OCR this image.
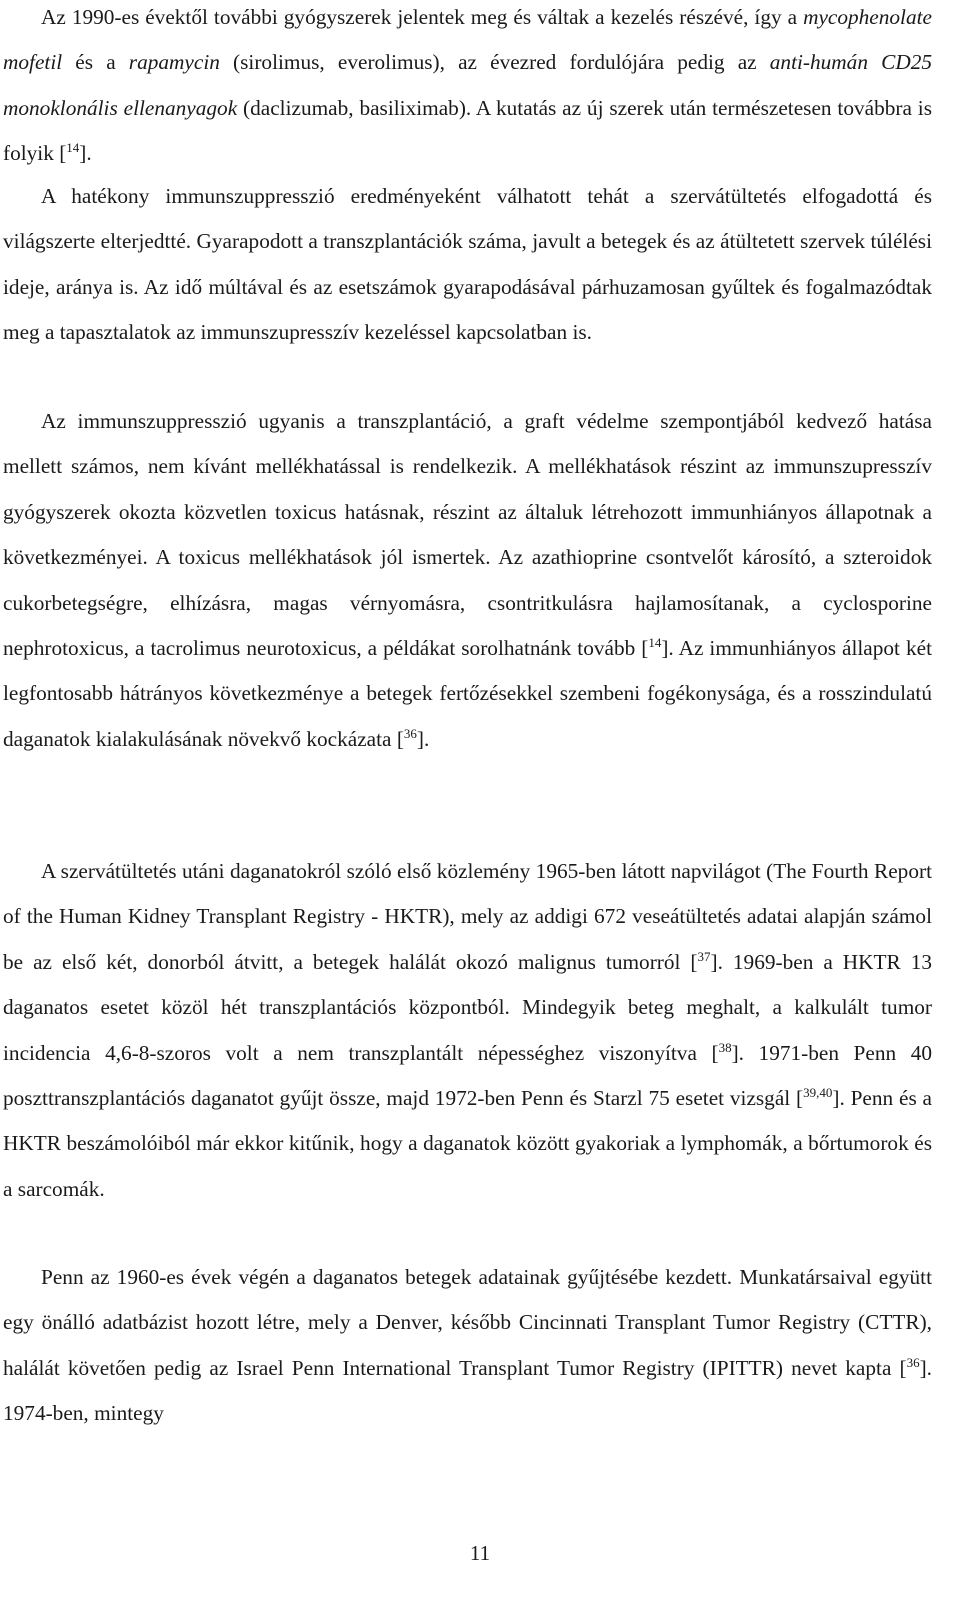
Az 1990-es évektől további gyógyszerek jelentek meg és váltak a kezelés részévé, így a mycophenolate mofetil és a rapamycin (sirolimus, everolimus), az évezred fordulójára pedig az anti-humán CD25 monoklonális ellenanyagok (daclizumab, basiliximab). A kutatás az új szerek után természetesen továbbra is folyik [$^{14}$].

A hatékony immunszuppresszió eredményeként válhatott tehát a szervátültetés elfogadottá és világszerte elterjedtté. Gyarapodott a transzplantációk száma, javult a betegek és az átültetett szervek túlélési ideje, aránya is. Az idő múltával és az esetszámok gyarapodásával párhuzamosan gyűltek és fogalmazódtak meg a tapasztalatok az immunszupresszív kezeléssel kapcsolatban is.

Az immunszuppresszió ugyanis a transzplantáció, a graft védelme szempontjából kedvező hatása mellett számos, nem kívánt mellékhatással is rendelkezik. A mellékhatások részint az immunszupresszív gyógyszerek okozta közvetlen toxicus hatásnak, részint az általuk létrehozott immunhiányos állapotnak a következményei. A toxicus mellékhatások jól ismertek. Az azathioprine csontvelőt károsító, a szteroidok cukorbetegségre, elhízásra, magas vérnyomásra, csontritkulásra hajlamosítanak, a cyclosporine nephrotoxicus, a tacrolimus neurotoxicus, a példákat sorolhatnánk tovább [$^{14}$]. Az immunhiányos állapot két legfontosabb hátrányos következménye a betegek fertőzésekkel szembeni fogékonysága, és a rosszindulatú daganatok kialakulásának növekvő kockázata [$^{36}$].

A szervátültetés utáni daganatokról szóló első közlemény 1965-ben látott napvilágot (The Fourth Report of the Human Kidney Transplant Registry - HKTR), mely az addigi 672 veseátültetés adatai alapján számol be az első két, donorból átvitt, a betegek halálát okozó malignus tumorról [$^{37}$]. 1969-ben a HKTR 13 daganatos esetet közöl hét transzplantációs központból. Mindegyik beteg meghalt, a kalkulált tumor incidencia 4,6-8-szoros volt a nem transzplantált népességhez viszonyítva [$^{38}$]. 1971-ben Penn 40 poszttranszplantációs daganatot gyűjt össze, majd 1972-ben Penn és Starzl 75 esetet vizsgál [$^{39,40}$]. Penn és a HKTR beszámolóiból már ekkor kitűnik, hogy a daganatok között gyakoriak a lymphomák, a bőrtumorok és a sarcomák.

Penn az 1960-es évek végén a daganatos betegek adatainak gyűjtésébe kezdett. Munkatársaival együtt egy önálló adatbázist hozott létre, mely a Denver, később Cincinnati Transplant Tumor Registry (CTTR), halálát követően pedig az Israel Penn International Transplant Tumor Registry (IPITTR) nevet kapta [$^{36}$]. 1974-ben, mintegy

11
